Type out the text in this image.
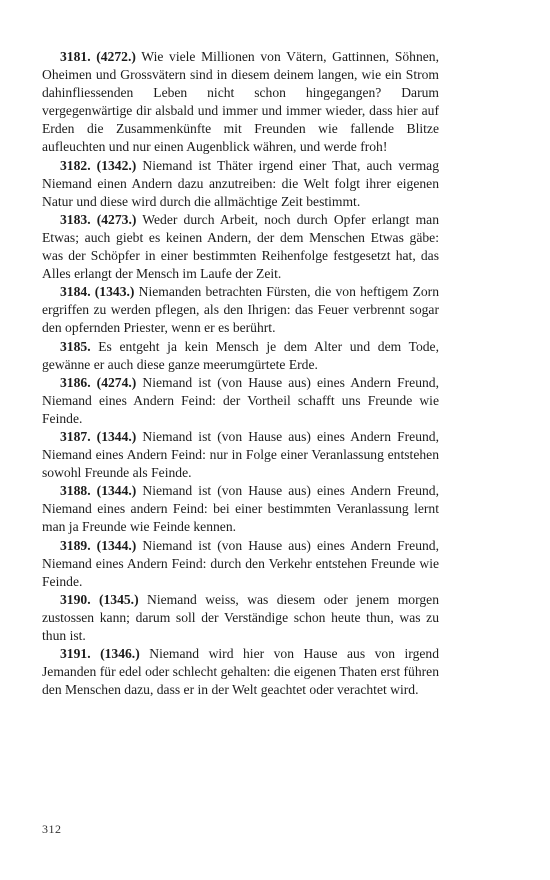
3181. (4272.) Wie viele Millionen von Vätern, Gattinnen, Söhnen, Oheimen und Grossvätern sind in diesem deinem langen, wie ein Strom dahinfliessenden Leben nicht schon hingegangen? Darum vergegenwärtige dir alsbald und immer und immer wieder, dass hier auf Erden die Zusammenkünfte mit Freunden wie fallende Blitze aufleuchten und nur einen Augenblick währen, und werde froh!

3182. (1342.) Niemand ist Thäter irgend einer That, auch vermag Niemand einen Andern dazu anzutreiben: die Welt folgt ihrer eigenen Natur und diese wird durch die allmächtige Zeit bestimmt.

3183. (4273.) Weder durch Arbeit, noch durch Opfer erlangt man Etwas; auch giebt es keinen Andern, der dem Menschen Etwas gäbe: was der Schöpfer in einer bestimmten Reihenfolge festgesetzt hat, das Alles erlangt der Mensch im Laufe der Zeit.

3184. (1343.) Niemanden betrachten Fürsten, die von heftigem Zorn ergriffen zu werden pflegen, als den Ihrigen: das Feuer verbrennt sogar den opfernden Priester, wenn er es berührt.

3185. Es entgeht ja kein Mensch je dem Alter und dem Tode, gewänne er auch diese ganze meerumgürtete Erde.

3186. (4274.) Niemand ist (von Hause aus) eines Andern Freund, Niemand eines Andern Feind: der Vortheil schafft uns Freunde wie Feinde.

3187. (1344.) Niemand ist (von Hause aus) eines Andern Freund, Niemand eines Andern Feind: nur in Folge einer Veranlassung entstehen sowohl Freunde als Feinde.

3188. (1344.) Niemand ist (von Hause aus) eines Andern Freund, Niemand eines andern Feind: bei einer bestimmten Veranlassung lernt man ja Freunde wie Feinde kennen.

3189. (1344.) Niemand ist (von Hause aus) eines Andern Freund, Niemand eines Andern Feind: durch den Verkehr entstehen Freunde wie Feinde.

3190. (1345.) Niemand weiss, was diesem oder jenem morgen zustossen kann; darum soll der Verständige schon heute thun, was zu thun ist.

3191. (1346.) Niemand wird hier von Hause aus von irgend Jemanden für edel oder schlecht gehalten: die eigenen Thaten erst führen den Menschen dazu, dass er in der Welt geachtet oder verachtet wird.

312
